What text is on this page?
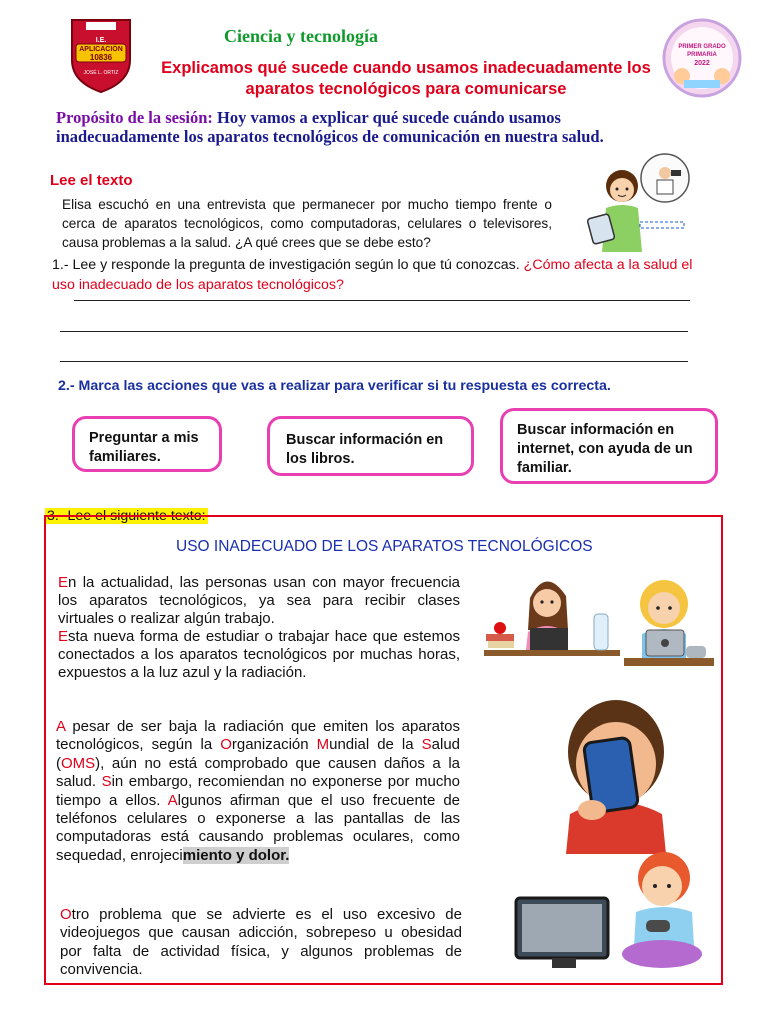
I.E.
APLICACIÓN
10836
JOSÉ L. ORTIZ
Ciencia y tecnología
Explicamos qué sucede cuando usamos inadecuadamente los aparatos tecnológicos para comunicarse
PRIMER GRADO
PRIMARIA
2022
Propósito de la sesión: Hoy vamos a explicar qué sucede cuándo usamos inadecuadamente los aparatos tecnológicos de comunicación en nuestra salud.
Lee el texto
Elisa escuchó en una entrevista que permanecer por mucho tiempo frente o cerca de aparatos tecnológicos, como computadoras, celulares o televisores, causa problemas a la salud. ¿A qué crees que se debe esto?
1.- Lee y responde la pregunta de investigación según lo que tú conozcas. ¿Cómo afecta a la salud el uso inadecuado de los aparatos tecnológicos?
2.- Marca las acciones que vas a realizar para verificar si tu respuesta es correcta.
Preguntar a mis familiares.
Buscar información en los libros.
Buscar información en internet, con ayuda de un familiar.
3.- Lee el siguiente texto:
USO INADECUADO DE LOS APARATOS TECNOLÓGICOS
En la actualidad, las personas usan con mayor frecuencia los aparatos tecnológicos, ya sea para recibir clases virtuales o realizar algún trabajo.
Esta nueva forma de estudiar o trabajar hace que estemos conectados a los aparatos tecnológicos por muchas horas, expuestos a la luz azul y la radiación.
A pesar de ser baja la radiación que emiten los aparatos tecnológicos, según la Organización Mundial de la Salud (OMS), aún no está comprobado que causen daños a la salud. Sin embargo, recomiendan no exponerse por mucho tiempo a ellos. Algunos afirman que el uso frecuente de teléfonos celulares o exponerse a las pantallas de las computadoras está causando problemas oculares, como sequedad, enrojecimiento y dolor.
Otro problema que se advierte es el uso excesivo de videojuegos que causan adicción, sobrepeso u obesidad por falta de actividad física, y algunos problemas de convivencia.
